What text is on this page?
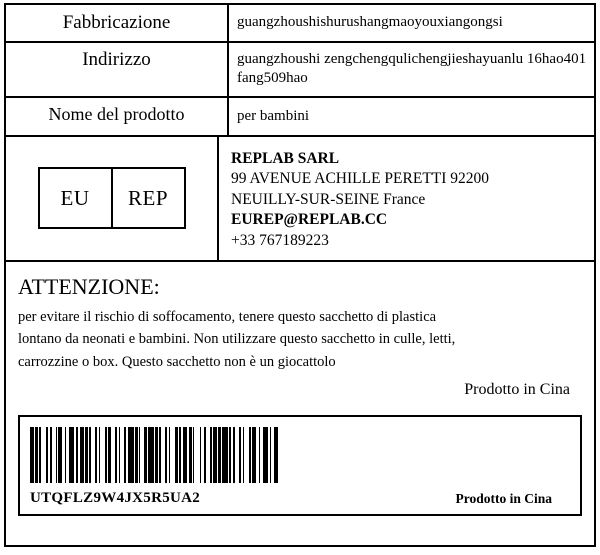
Fabbricazione	guangzhoushishurushangmaoyouxiangongsi
Indirizzo	guangzhoushi zengchengqulichengjieshayuanlu 16hao401fang509hao
Nome del prodotto	per bambini
EU	REP
REPLAB SARL
99 AVENUE ACHILLE PERETTI 92200
NEUILLY-SUR-SEINE France
EUREP@REPLAB.CC
+33 767189223
ATTENZIONE:
per evitare il rischio di soffocamento, tenere questo sacchetto di plastica
lontano da neonati e bambini. Non utilizzare questo sacchetto in culle, letti,
carrozzine o box. Questo sacchetto non è un giocattolo
Prodotto in Cina
UTQFLZ9W4JX5R5UA2	Prodotto in Cina
